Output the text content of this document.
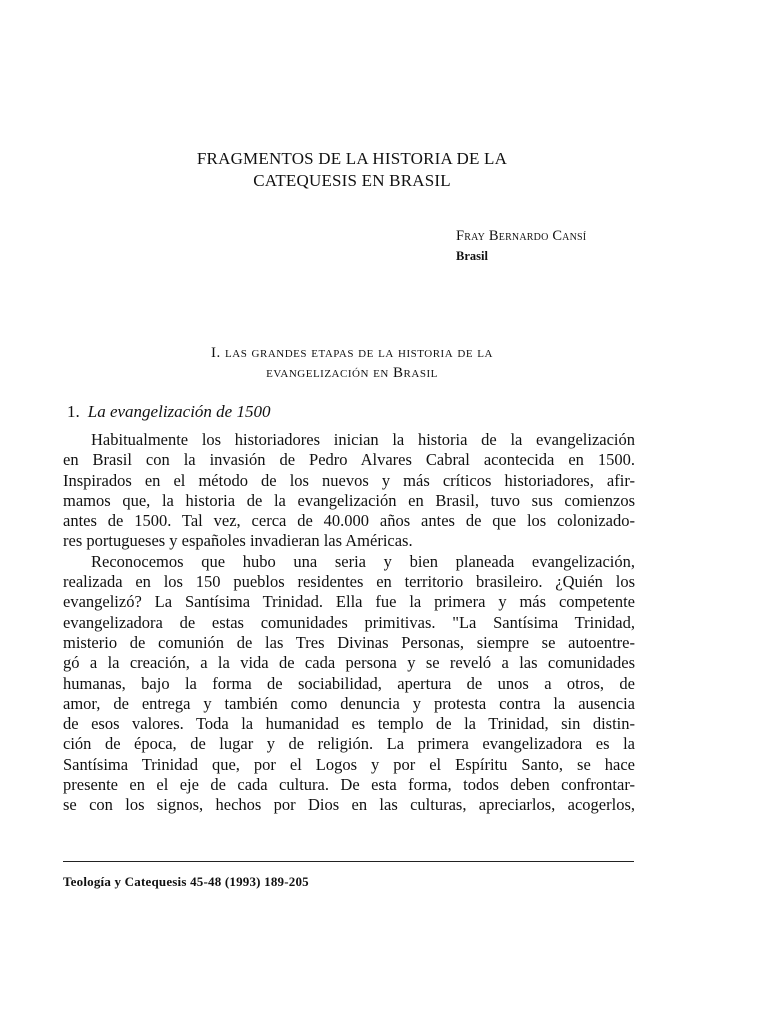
FRAGMENTOS DE LA HISTORIA DE LA
CATEQUESIS EN BRASIL
Fray Bernardo Cansí
Brasil
I. las grandes etapas de la historia de la
evangelización en Brasil
1. La evangelización de 1500
Habitualmente los historiadores inician la historia de la evangelización
en Brasil con la invasión de Pedro Alvares Cabral acontecida en 1500.
Inspirados en el método de los nuevos y más críticos historiadores, afir-
mamos que, la historia de la evangelización en Brasil, tuvo sus comienzos
antes de 1500. Tal vez, cerca de 40.000 años antes de que los colonizado-
res portugueses y españoles invadieran las Américas.
Reconocemos que hubo una seria y bien planeada evangelización,
realizada en los 150 pueblos residentes en territorio brasileiro. ¿Quién los
evangelizó? La Santísima Trinidad. Ella fue la primera y más competente
evangelizadora de estas comunidades primitivas. "La Santísima Trinidad,
misterio de comunión de las Tres Divinas Personas, siempre se autoentre-
gó a la creación, a la vida de cada persona y se reveló a las comunidades
humanas, bajo la forma de sociabilidad, apertura de unos a otros, de
amor, de entrega y también como denuncia y protesta contra la ausencia
de esos valores. Toda la humanidad es templo de la Trinidad, sin distin-
ción de época, de lugar y de religión. La primera evangelizadora es la
Santísima Trinidad que, por el Logos y por el Espíritu Santo, se hace
presente en el eje de cada cultura. De esta forma, todos deben confrontar-
se con los signos, hechos por Dios en las culturas, apreciarlos, acogerlos,
Teología y Catequesis 45-48 (1993) 189-205
